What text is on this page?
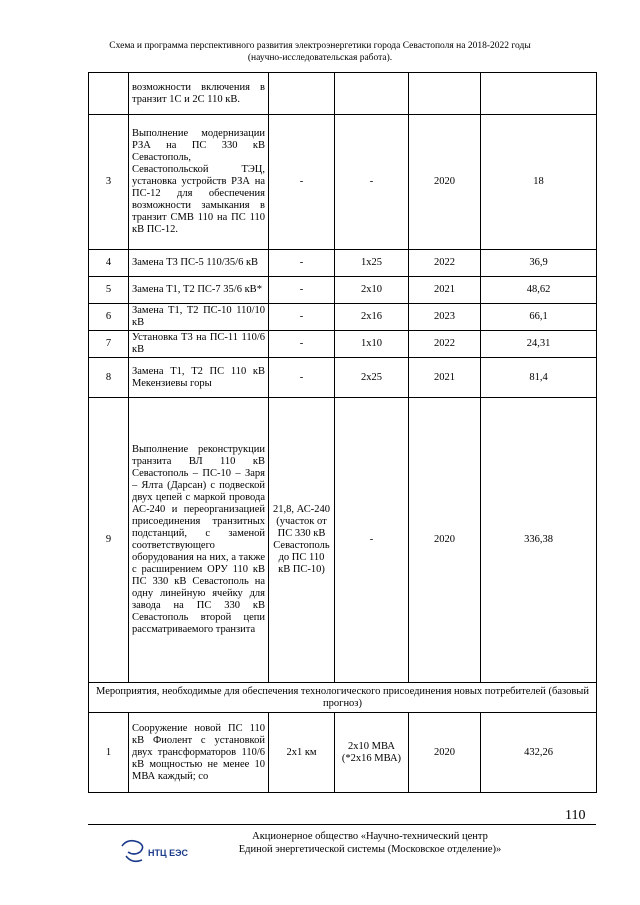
Схема и программа перспективного развития электроэнергетики города Севастополя на 2018-2022 годы
(научно-исследовательская работа).
	возможности включения в транзит 1С и 2С 110 кВ.				
3	Выполнение модернизации РЗА на ПС 330 кВ Севастополь, Севастопольской ТЭЦ, установка устройств РЗА на ПС-12 для обеспечения возможности замыкания в транзит СМВ 110 на ПС 110 кВ ПС-12.	-	-	2020	18
4	Замена Т3 ПС-5 110/35/6 кВ	-	1х25	2022	36,9
5	Замена Т1, Т2 ПС-7 35/6 кВ*	-	2х10	2021	48,62
6	Замена Т1, Т2 ПС-10 110/10 кВ	-	2х16	2023	66,1
7	Установка Т3 на ПС-11 110/6 кВ	-	1х10	2022	24,31
8	Замена Т1, Т2 ПС 110 кВ Мекензиевы горы	-	2х25	2021	81,4
9	Выполнение реконструкции транзита ВЛ 110 кВ Севастополь – ПС-10 – Заря – Ялта (Дарсан) с подвеской двух цепей с маркой провода АС-240 и переорганизацией присоединения транзитных подстанций, с заменой соответствующего оборудования на них, а также с расширением ОРУ 110 кВ ПС 330 кВ Севастополь на одну линейную ячейку для завода на ПС 330 кВ Севастополь второй цепи рассматриваемого транзита	21,8, АС-240 (участок от ПС 330 кВ Севастополь до ПС 110 кВ ПС-10)	-	2020	336,38
Мероприятия, необходимые для обеспечения технологического присоединения новых потребителей (базовый прогноз)					
1	Сооружение новой ПС 110 кВ Фиолент с установкой двух трансформаторов 110/6 кВ мощностью не менее 10 МВА каждый; со	2х1 км	2х10 МВА (*2х16 МВА)	2020	432,26
110
НТЦ ЕЭС
Акционерное общество «Научно-технический центр
Единой энергетической системы (Московское отделение)»
